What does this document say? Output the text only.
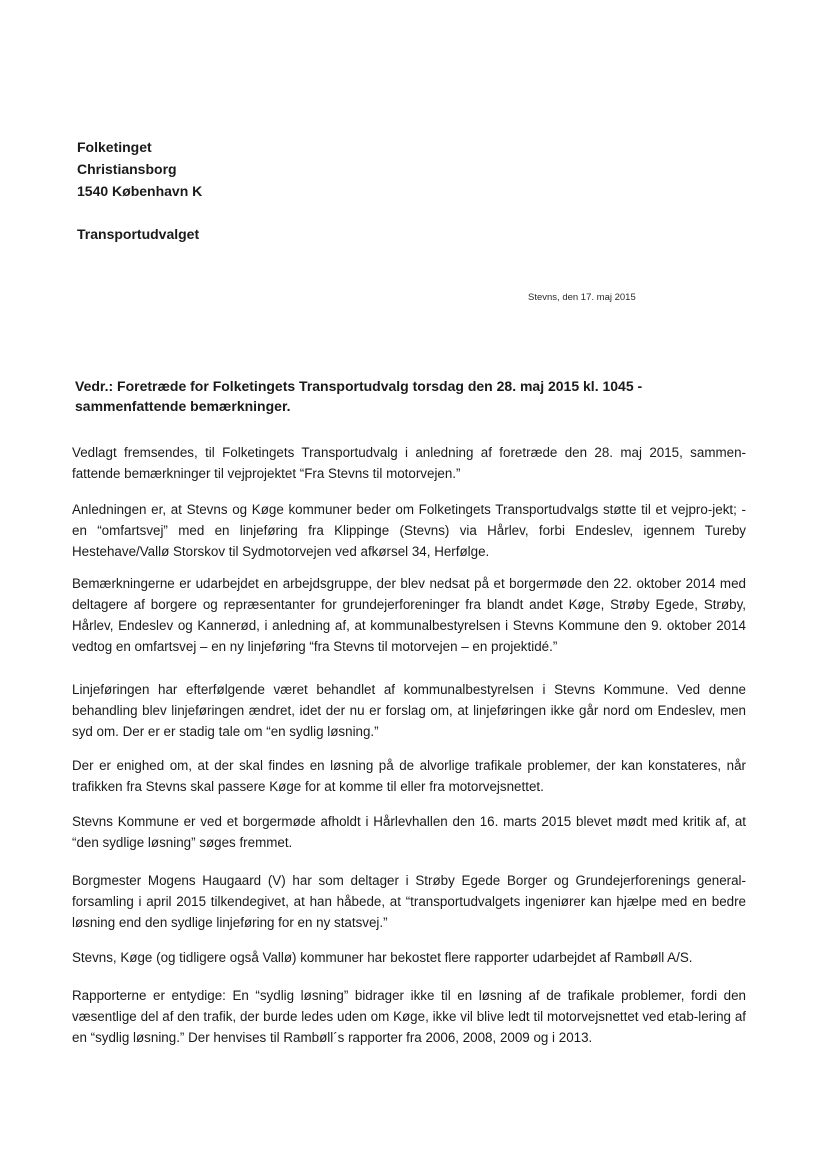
Folketinget
Christiansborg
1540 København K
Transportudvalget
Stevns, den 17. maj 2015
Vedr.: Foretræde for Folketingets Transportudvalg torsdag den 28. maj 2015 kl. 1045 - sammenfattende bemærkninger.
Vedlagt fremsendes, til Folketingets Transportudvalg i anledning af foretræde den 28. maj 2015, sammen-fattende bemærkninger til vejprojektet “Fra Stevns til motorvejen.”
Anledningen er, at Stevns og Køge kommuner beder om Folketingets Transportudvalgs støtte til et vejpro-jekt; - en “omfartsvej” med en linjeføring fra Klippinge (Stevns) via Hårlev, forbi Endeslev, igennem Tureby Hestehave/Vallø Storskov til Sydmotorvejen ved afkørsel 34, Herfølge.
Bemærkningerne er udarbejdet en arbejdsgruppe, der blev nedsat på et borgermøde den 22. oktober 2014 med deltagere af borgere og repræsentanter for grundejerforeninger fra blandt andet Køge, Strøby Egede, Strøby, Hårlev, Endeslev og Kannerød, i anledning af, at kommunalbestyrelsen i Stevns Kommune den 9. oktober 2014 vedtog en omfartsvej – en ny linjeføring “fra Stevns til motorvejen – en projektidé.”
Linjeføringen har efterfølgende været behandlet af kommunalbestyrelsen i Stevns Kommune. Ved denne behandling blev linjeføringen ændret, idet der nu er forslag om, at linjeføringen ikke går nord om Endeslev, men syd om. Der er er stadig tale om “en sydlig løsning.”
Der er enighed om, at der skal findes en løsning på de alvorlige trafikale problemer, der kan konstateres, når trafikken fra Stevns skal passere Køge for at komme til eller fra motorvejsnettet.
Stevns Kommune er ved et borgermøde afholdt i Hårlevhallen den 16. marts 2015 blevet mødt med kritik af, at “den sydlige løsning” søges fremmet.
Borgmester Mogens Haugaard (V) har som deltager i Strøby Egede Borger og Grundejerforenings general-forsamling i april 2015 tilkendegivet, at han håbede, at “transportudvalgets ingeniører kan hjælpe med en bedre løsning end den sydlige linjeføring for en ny statsvej.”
Stevns, Køge (og tidligere også Vallø) kommuner har bekostet flere rapporter udarbejdet af Rambøll A/S.
Rapporterne er entydige: En “sydlig løsning” bidrager ikke til en løsning af de trafikale problemer, fordi den væsentlige del af den trafik, der burde ledes uden om Køge, ikke vil blive ledt til motorvejsnettet ved etab-lering af en “sydlig løsning.” Der henvises til Rambøll´s rapporter fra 2006, 2008, 2009 og i 2013.
